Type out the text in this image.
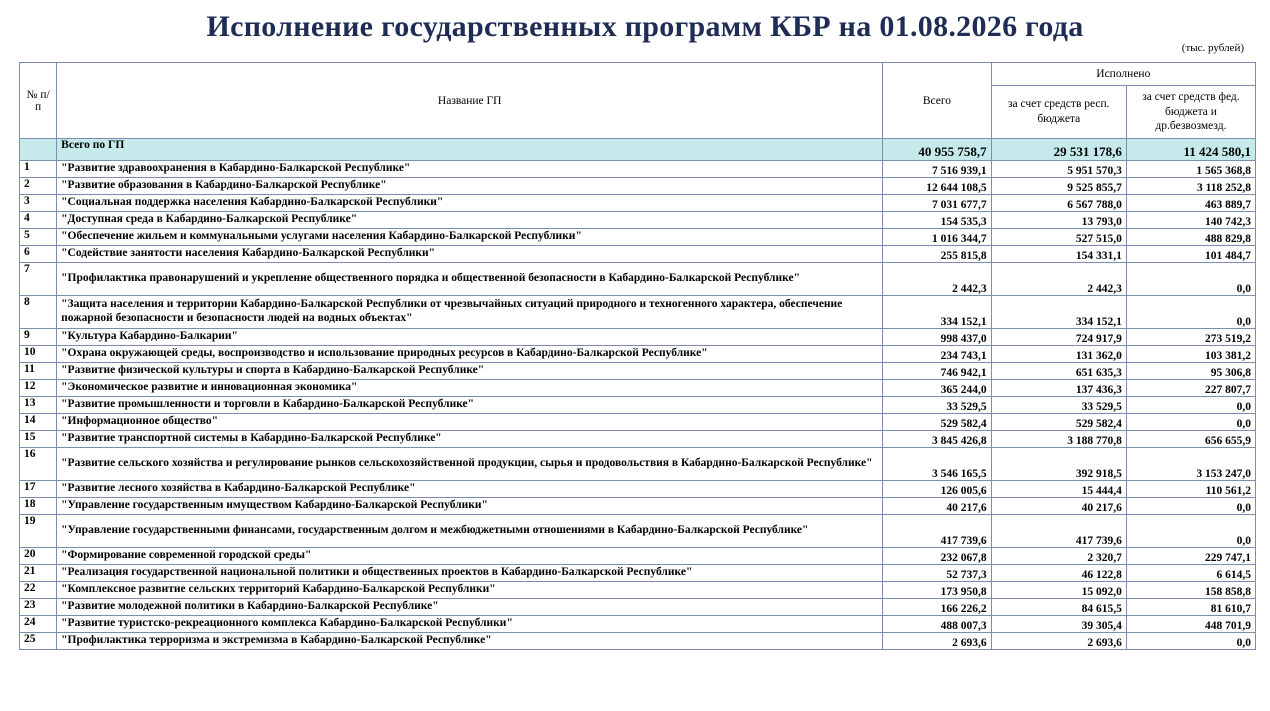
Исполнение государственных программ КБР на 01.08.2026 года
(тыс. рублей)
№ п/п	Название ГП	Всего	Исполнено	
			за счет средств респ. бюджета	за счет средств фед. бюджета и др.безвозмезд.
	Всего по ГП	40 955 758,7	29 531 178,6	11 424 580,1
1	"Развитие здравоохранения в Кабардино-Балкарской Республике"	7 516 939,1	5 951 570,3	1 565 368,8
2	"Развитие образования в Кабардино-Балкарской Республике"	12 644 108,5	9 525 855,7	3 118 252,8
3	"Социальная поддержка населения Кабардино-Балкарской Республики"	7 031 677,7	6 567 788,0	463 889,7
4	"Доступная среда в Кабардино-Балкарской Республике"	154 535,3	13 793,0	140 742,3
5	"Обеспечение жильем и коммунальными услугами населения Кабардино-Балкарской Республики"	1 016 344,7	527 515,0	488 829,8
6	"Содействие занятости населения Кабардино-Балкарской Республики"	255 815,8	154 331,1	101 484,7
7	"Профилактика правонарушений и укрепление общественного порядка и общественной безопасности в Кабардино-Балкарской Республике"	2 442,3	2 442,3	0,0
8	"Защита населения и территории Кабардино-Балкарской Республики от чрезвычайных ситуаций природного и техногенного характера, обеспечение пожарной безопасности и безопасности людей на водных объектах"	334 152,1	334 152,1	0,0
9	"Культура Кабардино-Балкарии"	998 437,0	724 917,9	273 519,2
10	"Охрана окружающей среды, воспроизводство и использование природных ресурсов в Кабардино-Балкарской Республике"	234 743,1	131 362,0	103 381,2
11	"Развитие физической культуры и спорта в Кабардино-Балкарской Республике"	746 942,1	651 635,3	95 306,8
12	"Экономическое развитие и инновационная экономика"	365 244,0	137 436,3	227 807,7
13	"Развитие промышленности и торговли в Кабардино-Балкарской Республике"	33 529,5	33 529,5	0,0
14	"Информационное общество"	529 582,4	529 582,4	0,0
15	"Развитие транспортной системы в Кабардино-Балкарской Республике"	3 845 426,8	3 188 770,8	656 655,9
16	"Развитие сельского хозяйства и регулирование рынков сельскохозяйственной продукции, сырья и продовольствия в Кабардино-Балкарской Республике"	3 546 165,5	392 918,5	3 153 247,0
17	"Развитие лесного хозяйства в Кабардино-Балкарской Республике"	126 005,6	15 444,4	110 561,2
18	"Управление государственным имуществом Кабардино-Балкарской Республики"	40 217,6	40 217,6	0,0
19	"Управление государственными финансами, государственным долгом и межбюджетными отношениями в Кабардино-Балкарской Республике"	417 739,6	417 739,6	0,0
20	"Формирование современной городской среды"	232 067,8	2 320,7	229 747,1
21	"Реализация государственной национальной политики и общественных проектов в Кабардино-Балкарской Республике"	52 737,3	46 122,8	6 614,5
22	"Комплексное развитие сельских территорий Кабардино-Балкарской Республики"	173 950,8	15 092,0	158 858,8
23	"Развитие молодежной политики в Кабардино-Балкарской Республике"	166 226,2	84 615,5	81 610,7
24	"Развитие туристско-рекреационного комплекса Кабардино-Балкарской Республики"	488 007,3	39 305,4	448 701,9
25	"Профилактика терроризма и экстремизма в Кабардино-Балкарской Республике"	2 693,6	2 693,6	0,0
